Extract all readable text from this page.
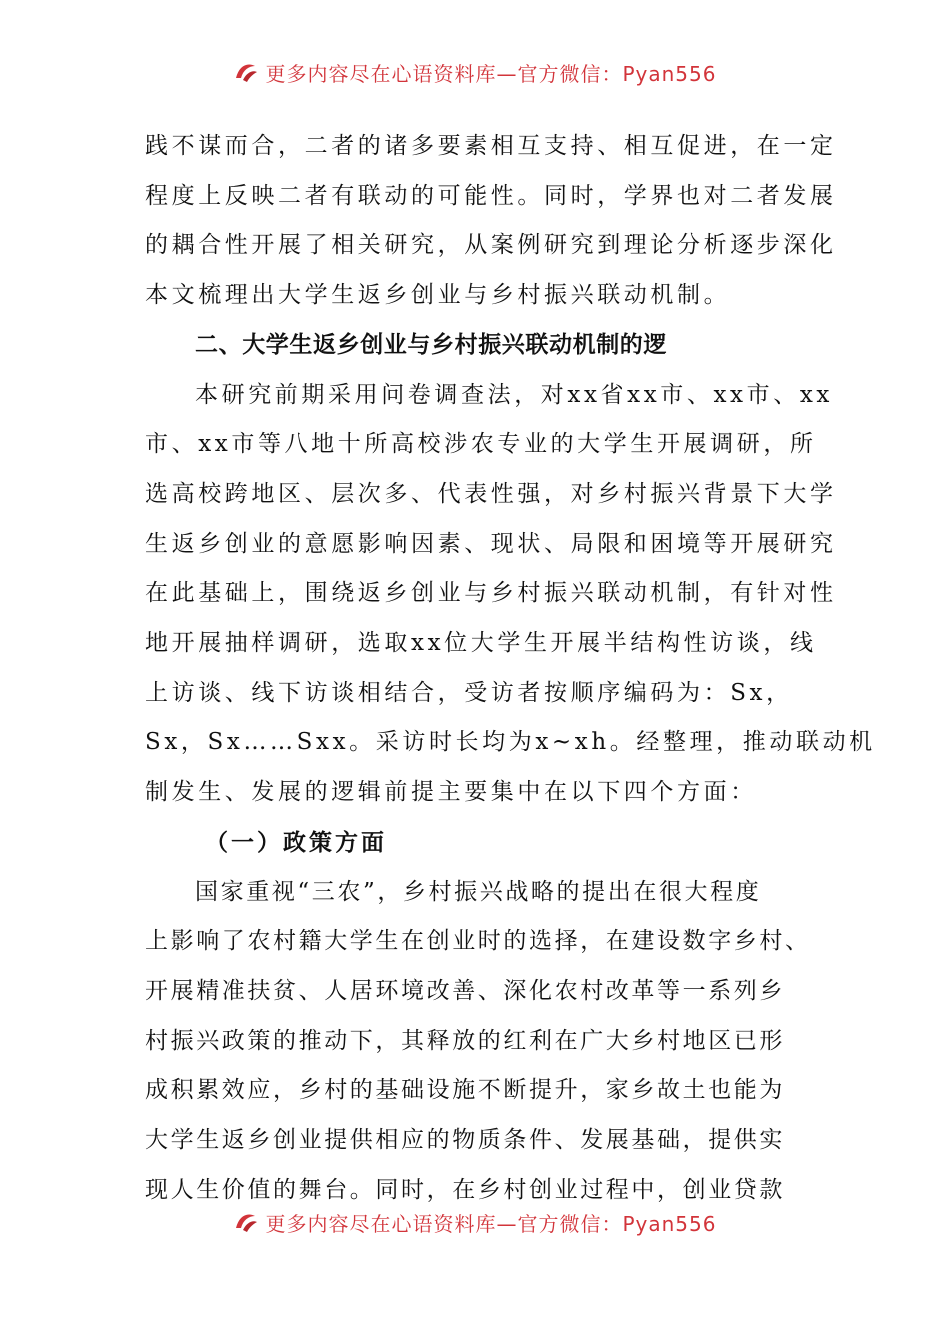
更多内容尽在心语资料库—官方微信：Pyan556

践不谋而合，二者的诸多要素相互支持、相互促进，在一定
程度上反映二者有联动的可能性。同时，学界也对二者发展
的耦合性开展了相关研究，从案例研究到理论分析逐步深化
本文梳理出大学生返乡创业与乡村振兴联动机制。

二、大学生返乡创业与乡村振兴联动机制的逻

本研究前期采用问卷调查法，对xx省xx市、xx市、xx
市、xx市等八地十所高校涉农专业的大学生开展调研，所
选高校跨地区、层次多、代表性强，对乡村振兴背景下大学
生返乡创业的意愿影响因素、现状、局限和困境等开展研究
在此基础上，围绕返乡创业与乡村振兴联动机制，有针对性
地开展抽样调研，选取xx位大学生开展半结构性访谈，线
上访谈、线下访谈相结合，受访者按顺序编码为：Sx，
Sx，Sx……Sxx。采访时长均为x~xh。经整理，推动联动机
制发生、发展的逻辑前提主要集中在以下四个方面：

（一）政策方面

国家重视“三农”，乡村振兴战略的提出在很大程度
上影响了农村籍大学生在创业时的选择，在建设数字乡村、
开展精准扶贫、人居环境改善、深化农村改革等一系列乡
村振兴政策的推动下，其释放的红利在广大乡村地区已形
成积累效应，乡村的基础设施不断提升，家乡故土也能为
大学生返乡创业提供相应的物质条件、发展基础，提供实
现人生价值的舞台。同时，在乡村创业过程中，创业贷款

更多内容尽在心语资料库—官方微信：Pyan556
